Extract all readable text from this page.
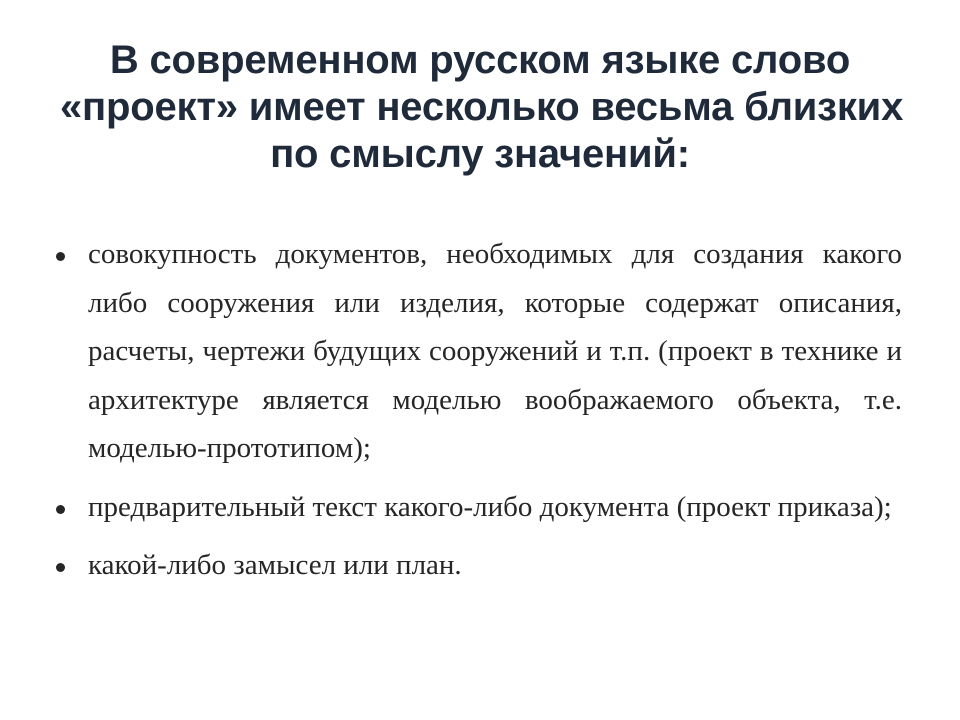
В современном русском языке слово
«проект» имеет несколько весьма близких
по смыслу значений:
совокупность документов, необходимых для создания какого либо сооружения или изделия, которые содержат описания, расчеты, чертежи будущих сооружений и т.п. (проект в технике и архитектуре является моделью воображаемого объекта, т.е. моделью-прототипом);
предварительный текст какого-либо документа (проект приказа);
какой-либо замысел или план.
